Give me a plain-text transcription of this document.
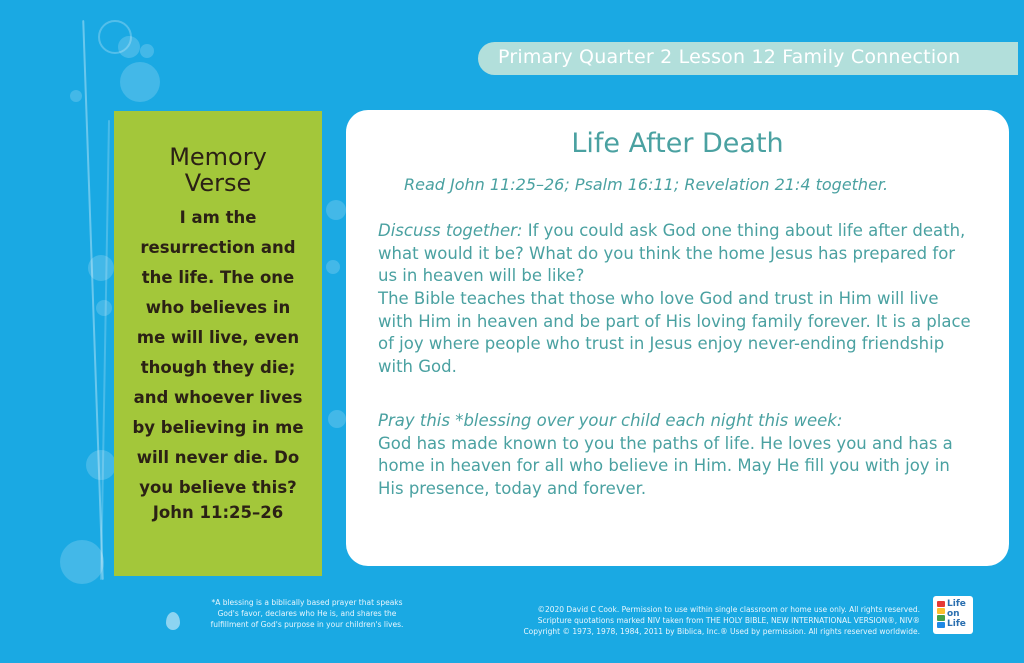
Primary Quarter 2 Lesson 12 Family Connection
Memory
Verse
I am the
resurrection and
the life. The one
who believes in
me will live, even
though they die;
and whoever lives
by believing in me
will never die. Do
you believe this?
John 11:25–26
Life After Death
Read John 11:25–26; Psalm 16:11; Revelation 21:4 together.
Discuss together: If you could ask God one thing about life after death, what would it be? What do you think the home Jesus has prepared for us in heaven will be like?
The Bible teaches that those who love God and trust in Him will live with Him in heaven and be part of His loving family forever. It is a place of joy where people who trust in Jesus enjoy never-ending friendship with God.
Pray this *blessing over your child each night this week:
God has made known to you the paths of life. He loves you and has a home in heaven for all who believe in Him. May He fill you with joy in His presence, today and forever.
*A blessing is a biblically based prayer that speaks
God's favor, declares who He is, and shares the
fulfillment of God's purpose in your children's lives.
©2020 David C Cook. Permission to use within single classroom or home use only. All rights reserved.
Scripture quotations marked NIV taken from THE HOLY BIBLE, NEW INTERNATIONAL VERSION®, NIV®
Copyright © 1973, 1978, 1984, 2011 by Biblica, Inc.® Used by permission. All rights reserved worldwide.
Life
on
Life
